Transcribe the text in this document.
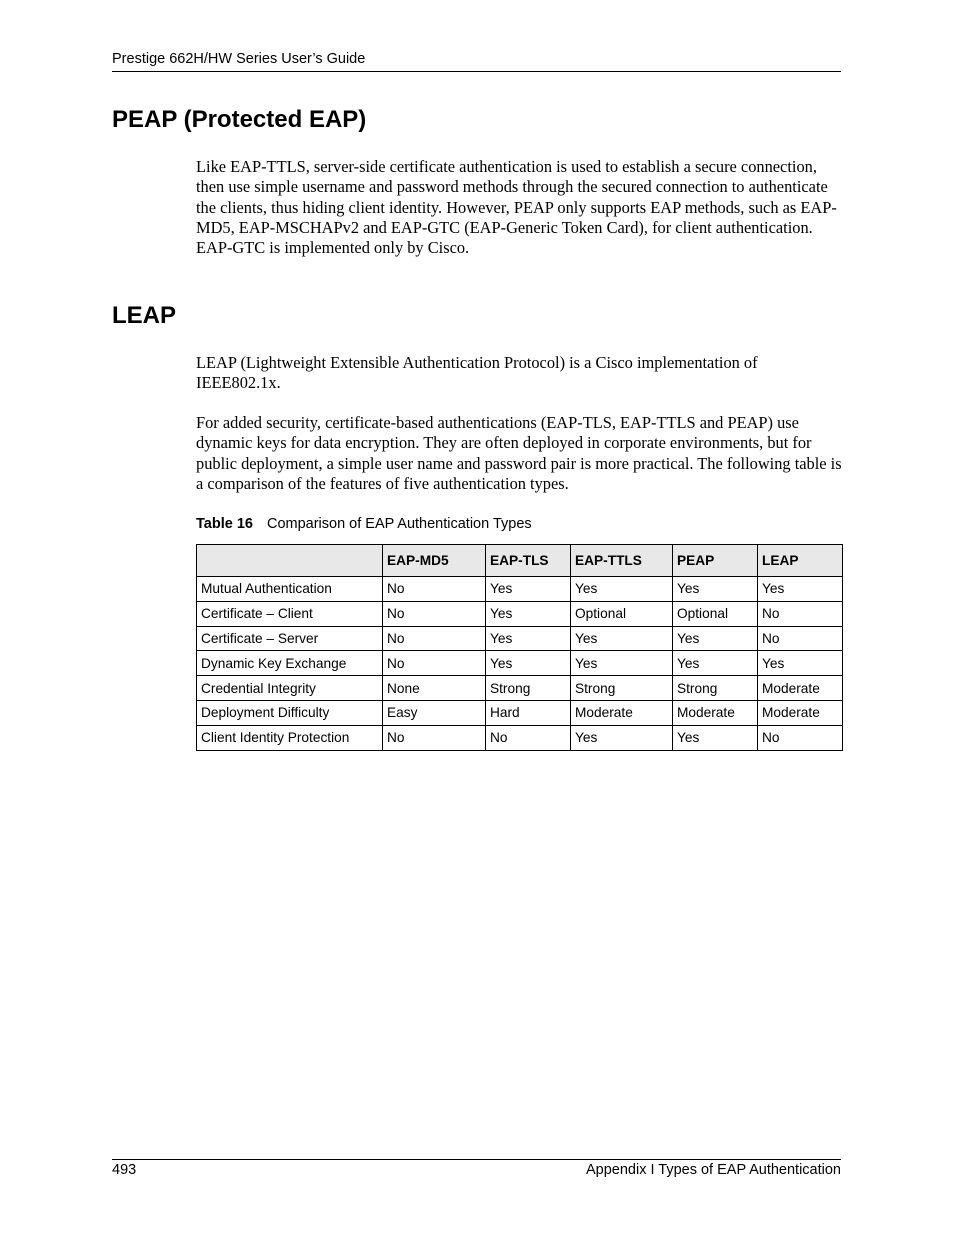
Prestige 662H/HW Series User’s Guide
PEAP (Protected EAP)

Like EAP-TTLS, server-side certificate authentication is used to establish a secure connection, then use simple username and password methods through the secured connection to authenticate the clients, thus hiding client identity. However, PEAP only supports EAP methods, such as EAP-MD5, EAP-MSCHAPv2 and EAP-GTC (EAP-Generic Token Card), for client authentication. EAP-GTC is implemented only by Cisco.

LEAP

LEAP (Lightweight Extensible Authentication Protocol) is a Cisco implementation of IEEE802.1x.

For added security, certificate-based authentications (EAP-TLS, EAP-TTLS and PEAP) use dynamic keys for data encryption. They are often deployed in corporate environments, but for public deployment, a simple user name and password pair is more practical. The following table is a comparison of the features of five authentication types.

Table 16 Comparison of EAP Authentication Types
	EAP-MD5	EAP-TLS	EAP-TTLS	PEAP	LEAP
Mutual Authentication	No	Yes	Yes	Yes	Yes
Certificate – Client	No	Yes	Optional	Optional	No
Certificate – Server	No	Yes	Yes	Yes	No
Dynamic Key Exchange	No	Yes	Yes	Yes	Yes
Credential Integrity	None	Strong	Strong	Strong	Moderate
Deployment Difficulty	Easy	Hard	Moderate	Moderate	Moderate
Client Identity Protection	No	No	Yes	Yes	No
493	Appendix I Types of EAP Authentication
